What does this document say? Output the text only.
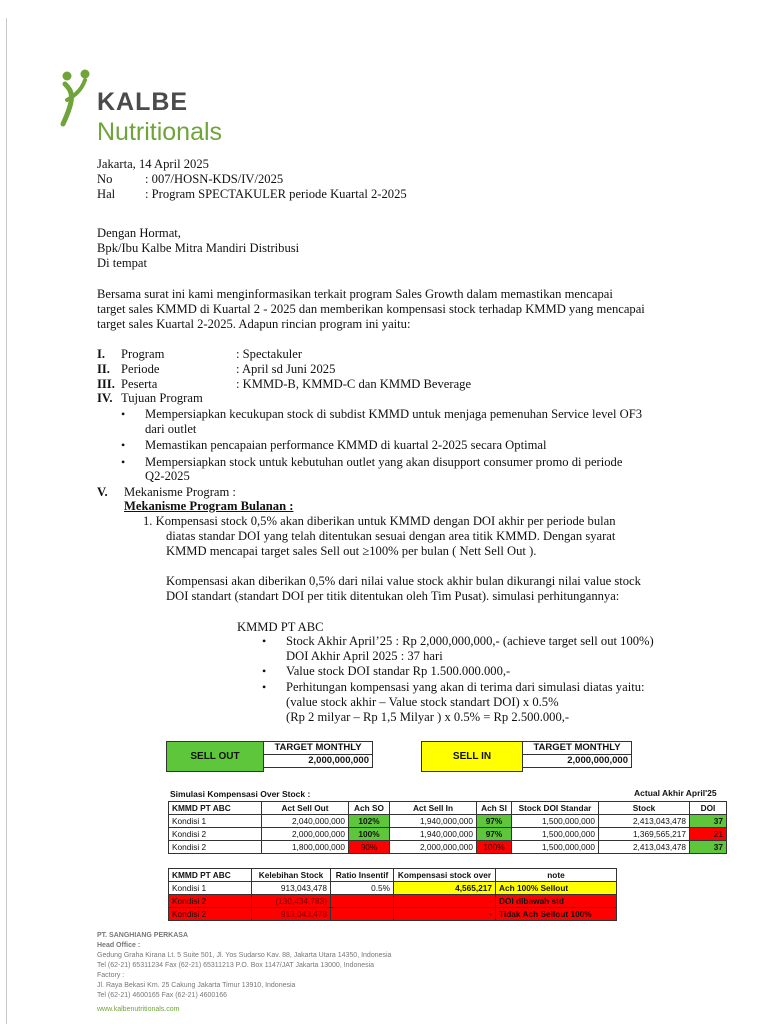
KALBE
Nutritionals
Jakarta, 14 April 2025
No	: 007/HOSN-KDS/IV/2025
Hal : Program SPECTAKULER periode Kuartal 2-2025
Dengan Hormat,
Bpk/Ibu Kalbe Mitra Mandiri Distribusi
Di tempat
Bersama surat ini kami menginformasikan terkait program Sales Growth dalam memastikan mencapai
target sales KMMD di Kuartal 2 - 2025 dan memberikan kompensasi stock terhadap KMMD yang mencapai
target sales Kuartal 2-2025. Adapun rincian program ini yaitu:
I. Program	: Spectakuler
II. Periode	: April sd Juni 2025
III. Peserta	: KMMD-B, KMMD-C dan KMMD Beverage
IV. Tujuan Program
• Mempersiapkan kecukupan stock di subdist KMMD untuk menjaga pemenuhan Service level OF3
dari outlet
• Memastikan pencapaian performance KMMD di kuartal 2-2025 secara Optimal
• Mempersiapkan stock untuk kebutuhan outlet yang akan disupport consumer promo di periode
Q2-2025
V. Mekanisme Program :
Mekanisme Program Bulanan :
1. Kompensasi stock 0,5% akan diberikan untuk KMMD dengan DOI akhir per periode bulan
diatas standar DOI yang telah ditentukan sesuai dengan area titik KMMD. Dengan syarat
KMMD mencapai target sales Sell out ≥100% per bulan ( Nett Sell Out ).
Kompensasi akan diberikan 0,5% dari nilai value stock akhir bulan dikurangi nilai value stock
DOI standart (standart DOI per titik ditentukan oleh Tim Pusat). simulasi perhitungannya:
KMMD PT ABC
• Stock Akhir April’25 : Rp 2,000,000,000,- (achieve target sell out 100%)
DOI Akhir April 2025 : 37 hari
• Value stock DOI standar Rp 1.500.000.000,-
• Perhitungan kompensasi yang akan di terima dari simulasi diatas yaitu:
(value stock akhir – Value stock standart DOI) x 0.5%
(Rp 2 milyar – Rp 1,5 Milyar ) x 0.5% = Rp 2.500.000,-
SELL OUT
TARGET MONTHLY
2,000,000,000	SELL IN
TARGET MONTHLY
2,000,000,000
Simulasi Kompensasi Over Stock :	Actual Akhir April'25
KMMD PT ABC	Act Sell Out	Ach SO	Act Sell In	Ach SI	Stock DOI Standar	Stock	DOI
Kondisi 1	2,040,000,000	102%	1,940,000,000	97%	1,500,000,000	2,413,043,478	37
Kondisi 2	2,000,000,000	100%	1,940,000,000	97%	1,500,000,000	1,369,565,217	21
Kondisi 2	1,800,000,000	90%	2,000,000,000	100%	1,500,000,000	2,413,043,478	37
KMMD PT ABC	Kelebihan Stock	Ratio Insentif	Kompensasi stock over	note
Kondisi 1	913,043,478	0.5%	4,565,217	Ach 100% Sellout
Kondisi 2	(130,434,783)		-	DOI dibawah std
Kondisi 2	913,043,478		-	Tidak Ach Sellout 100%
PT. SANGHIANG PERKASA
Head Office :
Gedung Graha Kirana Lt. 5 Suite 501, Jl. Yos Sudarso Kav. 88, Jakarta Utara 14350, Indonesia
Tel (62-21) 65311234 Fax (62-21) 65311213 P.O. Box 1147/JAT Jakarta 13000, Indonesia
Factory :
Jl. Raya Bekasi Km. 25 Cakung Jakarta Timur 13910, Indonesia
Tel (62-21) 4600165 Fax (62-21) 4600166
www.kalbenutritionals.com
